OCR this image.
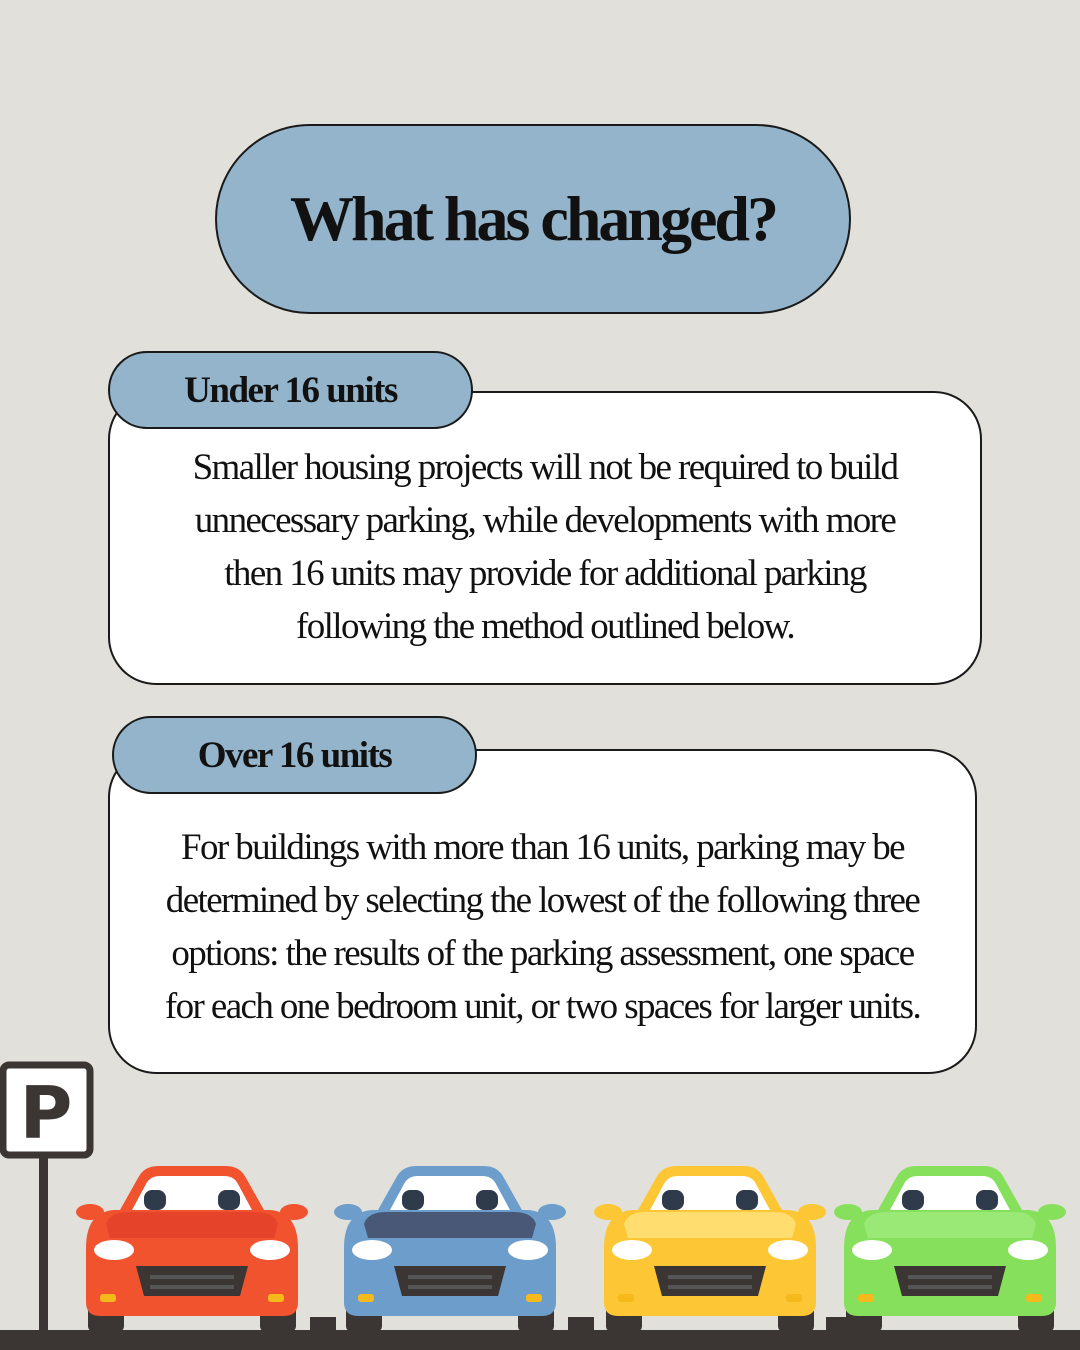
What has changed?

Smaller housing projects will not be required to build
unnecessary parking, while developments with more
then 16 units may provide for additional parking
following the method outlined below.

Under 16 units

For buildings with more than 16 units, parking may be
determined by selecting the lowest of the following three
options: the results of the parking assessment, one space
for each one bedroom unit, or two spaces for larger units.

Over 16 units
P
